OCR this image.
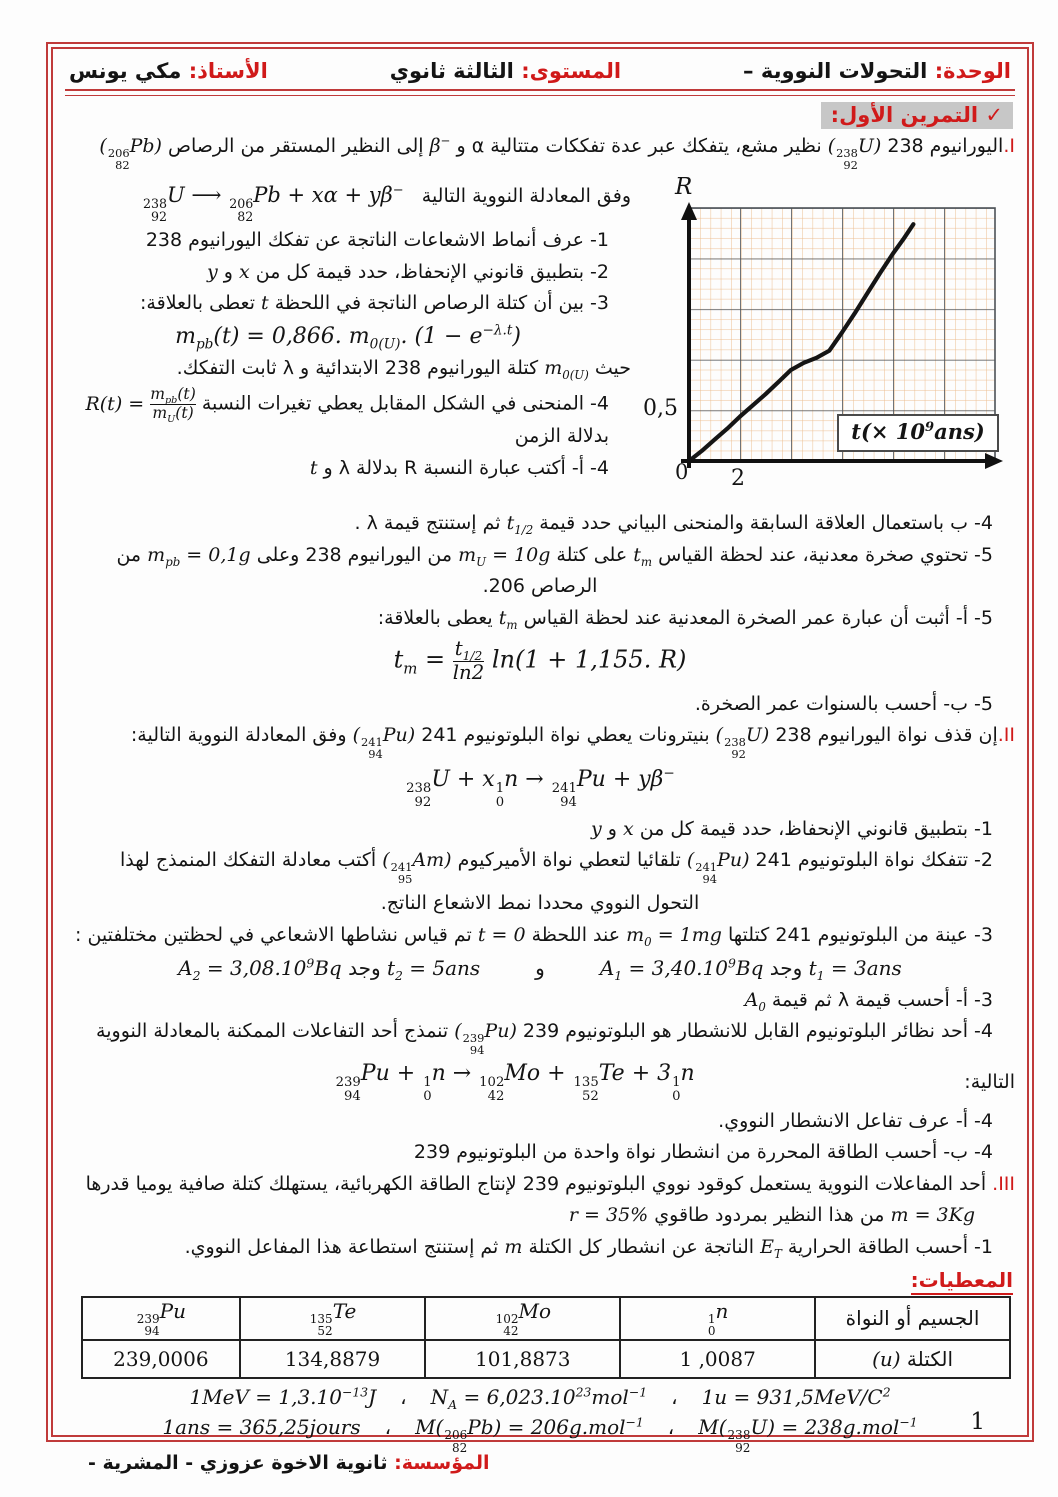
الوحدة: التحولات النووية –
المستوى: الثالثة ثانوي
الأستاذ: مكي يونس
✓ التمرين الأول:
I.اليورانيوم 238 ( 238
92
U) نظير مشع، يتفكك عبر عدة تفككات متتالية α و β− إلى النظير المستقر من الرصاص ( 206
82
Pb)
R
0,5
0 2
$t(\times 10^9ans)$
وفق المعادلة النووية التالية
238
92
U ⟶ 206
82
Pb + xα + yβ−
1- عرف أنماط الاشعاعات الناتجة عن تفكك اليورانيوم 238
2- بتطبيق قانوني الإنحفاظ، حدد قيمة كل من x و y
3- بين أن كتلة الرصاص الناتجة في اللحظة t تعطى بالعلاقة:
$m_{pb}(t) = 0,866$. $m_{0(U)}$. $(1 - e^{-\lambda.t})$
حيث $m_{0(U)}$ كتلة اليورانيوم 238 الابتدائية و λ ثابت التفكك.
4- المنحنى في الشكل المقابل يعطي تغيرات النسبة $R(t) = \frac{m_{pb}(t)}{m_U(t)}$
بدلالة الزمن
4- أ- أكتب عبارة النسبة R بدلالة λ و t
4- ب باستعمال العلاقة السابقة والمنحنى البياني حدد قيمة $t_{1/2}$ ثم إستنتج قيمة λ .
5- تحتوي صخرة معدنية، عند لحظة القياس $t_m$ على كتلة $m_U = 10g$ من اليورانيوم 238 وعلى $m_{pb} = 0,1g$ من
الرصاص 206.
5- أ- أثبت أن عبارة عمر الصخرة المعدنية عند لحظة القياس $t_m$ يعطى بالعلاقة:
$t_m = \frac{t_{1/2}}{\ln 2} \ln(1 + 1,155$. R)
5- ب- أحسب بالسنوات عمر الصخرة.
II.إن قذف نواة اليورانيوم 238 ( 238
92
U) بنيترونات يعطي نواة البلوتونيوم 241 ( 241
94
Pu) وفق المعادلة النووية التالية:
238
92
U + x 1
0
n → 241
94
Pu + yβ−
1- بتطبيق قانوني الإنحفاظ، حدد قيمة كل من x و y
2- تتفكك نواة البلوتونيوم 241 ( 241
94
Pu) تلقائيا لتعطي نواة الأميركيوم ( 241
95
Am) أكتب معادلة التفكك المنمذج لهذا
التحول النووي محددا نمط الاشعاع الناتج.
3- عينة من البلوتونيوم 241 كتلتها $m_0 = 1mg$ عند اللحظة t = 0 تم قياس نشاطها الاشعاعي في لحظتين مختلفتين :
$t_1 = 3ans$ وجد $A_1$ = $3,40.10^9Bqوt_2 = 5ans$ وجد $A_2 = 3,08.10^9Bq$
3- أ- أحسب قيمة λ ثم قيمة $A_0$
4- أحد نظائر البلوتونيوم القابل للانشطار هو البلوتونيوم 239 ( 239
94
Pu) تنمذج أحد التفاعلات الممكنة بالمعادلة النووية
التالية:
239
94
Pu + 1
0
n → 102
42
Mo + 135
52
Te + 3 1
0
n
4- أ- عرف تفاعل الانشطار النووي.
4- ب- أحسب الطاقة المحررة من انشطار نواة واحدة من البلوتونيوم 239
III. أحد المفاعلات النووية يستعمل كوقود نووي البلوتونيوم 239 لإنتاج الطاقة الكهربائية، يستهلك كتلة صافية يوميا قدرها
m = 3Kg من هذا النظير بمردود طاقوي r = 35%
1- أحسب الطاقة الحرارية $E_T$ الناتجة عن انشطار كل الكتلة m ثم إستنتج استطاعة هذا المفاعل النووي.
المعطيات:
239
94
Pu	135
52
Te	102
42
Mo	1
0
n	الجسيم أو النواة
239,0006	134,8879	101,8873	1 ,0087	الكتلة (u)
$1u = 931,5MeV/C^2،N_A$ = $6,023.10^{23}mol^{-1}،1MeV = 1,3.10^{-13}J$
M( 238
92
U) = 238g.mol$^{-1}$،M( 206
82
Pb) = 206g.mol$^{-1}$،1ans = 365,25jours	1
المؤسسة: ثانوية الاخوة عزوزي - المشرية -
